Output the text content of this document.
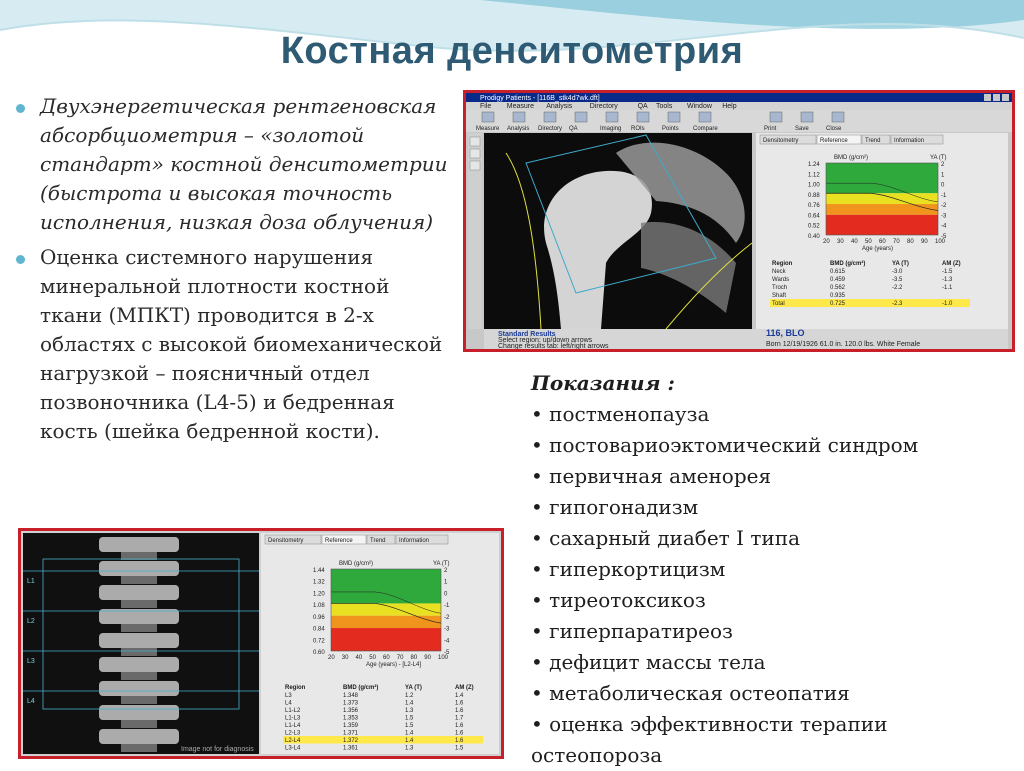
Костная денситометрия
Двухэнергетическая рентгеновская абсорбциометрия – «золотой стандарт» костной денситометрии (быстрота и высокая точность исполнения, низкая доза облучения)
Оценка системного нарушения минеральной плотности костной ткани (МПКТ) проводится в 2-х областях с высокой биомеханической нагрузкой – поясничный отдел позвоночника (L4-5) и бедренная кость (шейка бедренной кости).
Prodigy Patients - [116B_stk4d7wk.dft]
File Measure Analysis	Directory	QA Tools Window Help
Measure Analysis Directory QA	Imaging ROIs	Points Compare	Print	Save	Close
Densitometry	Reference	Trend Information
BMD (g/cm²)	YA (T)
1.24
1.12
1.00
0.88
0.76
0.64
0.52
0.40
2
1
0
-1
-2
-3
-4
-5
20 30 40 50 60 70 80 90 100
Age (years)
Region	BMD (g/cm²)	YA (T)	AM (Z)
Neck	0.615	-3.0	-1.5
Wards	0.459	-3.5	-1.3
Troch	0.562	-2.2	-1.1
Shaft	0.935
Total	0.725	-2.3	-1.0
Standard Results
Select region: up/down arrows
Change results tab: left/right arrows
116, BLO
Born 12/19/1926 61.0 in. 120.0 lbs. White Female
L1
L2
L3
L4
Image not for diagnosis
Densitometry	Reference	Trend Information
BMD (g/cm²)	YA (T)
1.44
1.32
1.20
1.08
0.96
0.84
0.72
0.60
2
1
0
-1
-2
-3
-4
-5
20 30 40 50 60 70 80 90 100
Age (years) - [L2-L4]
Region	BMD (g/cm²)	YA (T)	AM (Z)
L3	1.348	1.2	1.4
L4	1.373	1.4	1.6
L1-L2	1.356	1.3	1.6
L1-L3	1.353	1.5	1.7
L1-L4	1.359	1.5	1.6
L2-L3	1.371	1.4	1.6
L2-L4	1.372	1.4	1.6
L3-L4	1.361	1.3	1.5
Показания :
• постменопауза
• постовариоэктомический синдром
• первичная аменорея
• гипогонадизм
• сахарный диабет I типа
• гиперкортицизм
• тиреотоксикоз
• гиперпаратиреоз
• дефицит массы тела
• метаболическая остеопатия
• оценка эффективности терапии остеопороза
